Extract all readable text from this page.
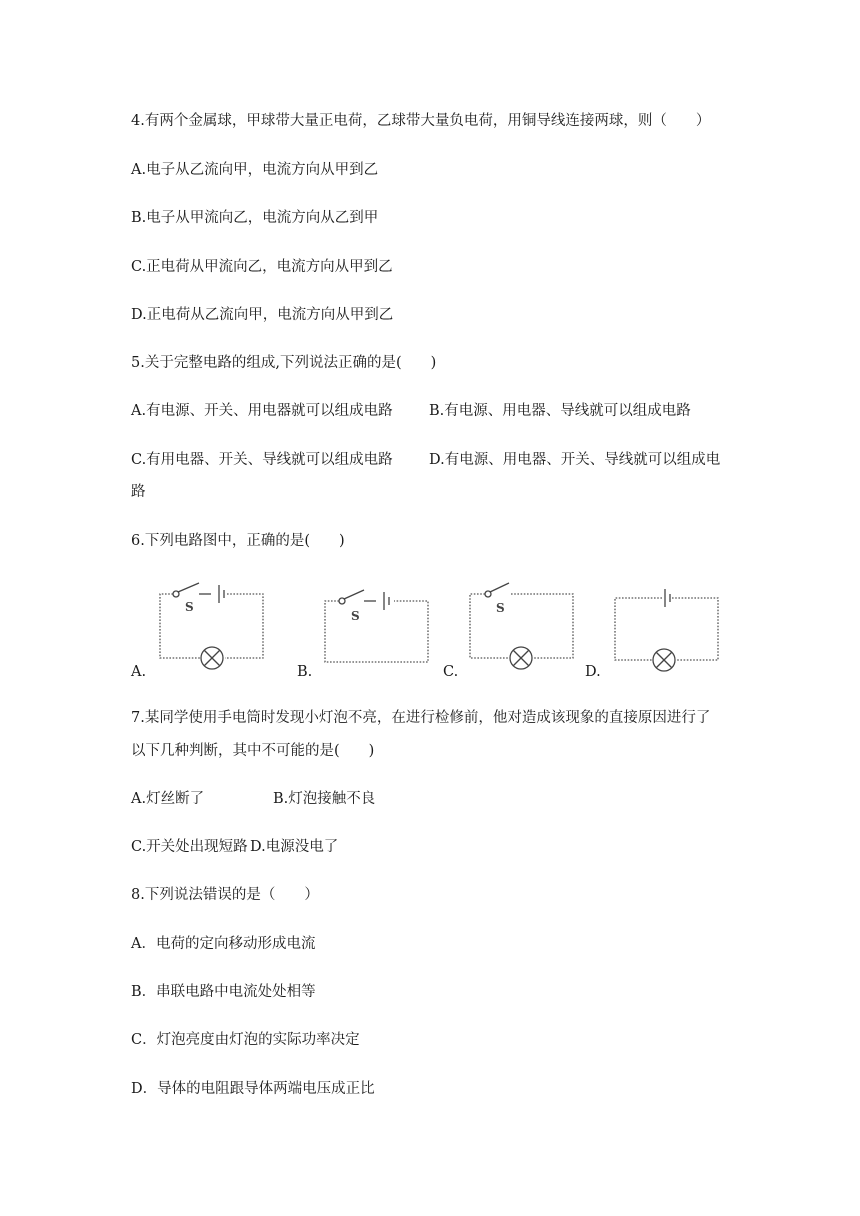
4.有两个金属球，甲球带大量正电荷，乙球带大量负电荷，用铜导线连接两球，则（　　）
A.电子从乙流向甲，电流方向从甲到乙
B.电子从甲流向乙，电流方向从乙到甲
C.正电荷从甲流向乙，电流方向从甲到乙
D.正电荷从乙流向甲，电流方向从甲到乙
5.关于完整电路的组成,下列说法正确的是(　　)
A.有电源、开关、用电器就可以组成电路	B.有电源、用电器、导线就可以组成电路
C.有用电器、开关、导线就可以组成电路	D.有电源、用电器、开关、导线就可以组成电
路
6.下列电路图中，正确的是(　　)
A.	B.	C.	D.
S
S
S
7.某同学使用手电筒时发现小灯泡不亮，在进行检修前，他对造成该现象的直接原因进行了
以下几种判断，其中不可能的是(　　)
A.灯丝断了	B.灯泡接触不良
C.开关处出现短路 D.电源没电了
8.下列说法错误的是（　　）
A．电荷的定向移动形成电流
B．串联电路中电流处处相等
C．灯泡亮度由灯泡的实际功率决定
D．导体的电阻跟导体两端电压成正比
